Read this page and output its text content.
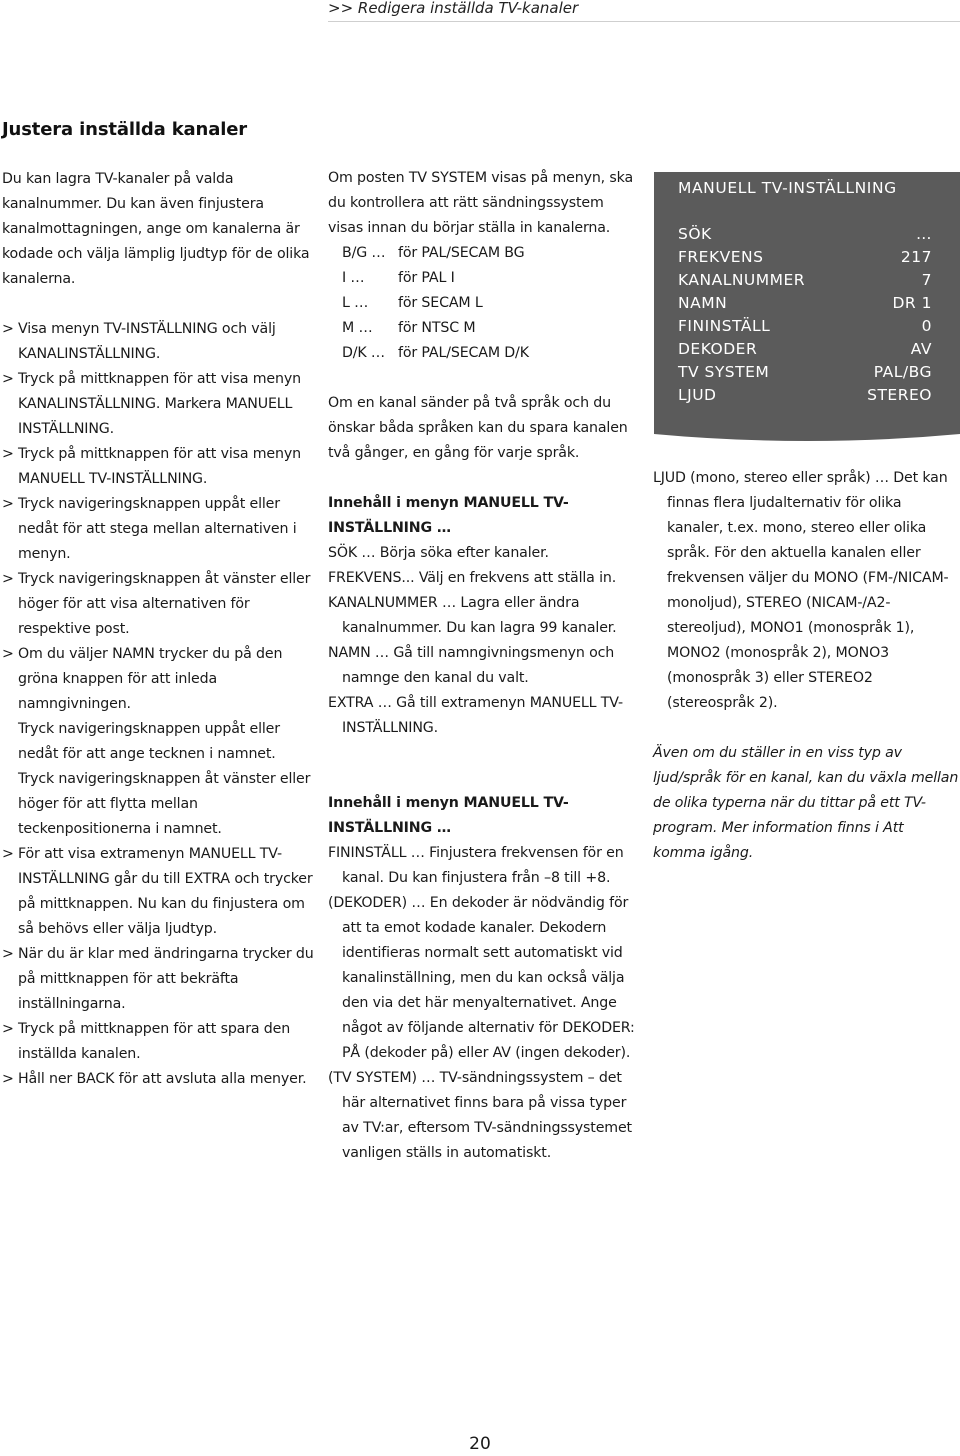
>> Redigera inställda TV-kanaler
Justera inställda kanaler
Du kan lagra TV-kanaler på valda kanalnummer. Du kan även finjustera kanalmottagningen, ange om kanalerna är kodade och välja lämplig ljudtyp för de olika kanalerna.
> Visa menyn TV-INSTÄLLNING och välj KANALINSTÄLLNING.
> Tryck på mittknappen för att visa menyn KANALINSTÄLLNING. Markera MANUELL INSTÄLLNING.
> Tryck på mittknappen för att visa menyn MANUELL TV-INSTÄLLNING.
> Tryck navigeringsknappen uppåt eller nedåt för att stega mellan alternativen i menyn.
> Tryck navigeringsknappen åt vänster eller höger för att visa alternativen för respektive post.
> Om du väljer NAMN trycker du på den gröna knappen för att inleda namngivningen.
Tryck navigeringsknappen uppåt eller nedåt för att ange tecknen i namnet.
Tryck navigeringsknappen åt vänster eller höger för att flytta mellan teckenpositionerna i namnet.
> För att visa extramenyn MANUELL TV-INSTÄLLNING går du till EXTRA och trycker på mittknappen. Nu kan du finjustera om så behövs eller välja ljudtyp.
> När du är klar med ändringarna trycker du på mittknappen för att bekräfta inställningarna.
> Tryck på mittknappen för att spara den inställda kanalen.
> Håll ner BACK för att avsluta alla menyer.
Om posten TV SYSTEM visas på menyn, ska du kontrollera att rätt sändningssystem visas innan du börjar ställa in kanalerna.
B/G … för PAL/SECAM BG
I …	för PAL I
L …	för SECAM L
M …	för NTSC M
D/K … för PAL/SECAM D/K
Om en kanal sänder på två språk och du önskar båda språken kan du spara kanalen två gånger, en gång för varje språk.
Innehåll i menyn MANUELL TV-INSTÄLLNING …
SÖK … Börja söka efter kanaler.
FREKVENS... Välj en frekvens att ställa in.
KANALNUMMER … Lagra eller ändra kanalnummer. Du kan lagra 99 kanaler.
NAMN … Gå till namngivningsmenyn och namnge den kanal du valt.
EXTRA … Gå till extramenyn MANUELL TV-INSTÄLLNING.
Innehåll i menyn MANUELL TV-INSTÄLLNING …
FININSTÄLL … Finjustera frekvensen för en kanal. Du kan finjustera från –8 till +8.
(DEKODER) … En dekoder är nödvändig för att ta emot kodade kanaler. Dekodern identifieras normalt sett automatiskt vid kanalinställning, men du kan också välja den via det här menyalternativet. Ange något av följande alternativ för DEKODER: PÅ (dekoder på) eller AV (ingen dekoder).
(TV SYSTEM) … TV-sändningssystem – det här alternativet finns bara på vissa typer av TV:ar, eftersom TV-sändningssystemet vanligen ställs in automatiskt.
MANUELL TV-INSTÄLLNING
SÖK	…
FREKVENS	217
KANALNUMMER	7
NAMN	DR 1
FININSTÄLL	0
DEKODER	AV
TV SYSTEM	PAL/BG
LJUD	STEREO
LJUD (mono, stereo eller språk) … Det kan finnas flera ljudalternativ för olika kanaler, t.ex. mono, stereo eller olika språk. För den aktuella kanalen eller frekvensen väljer du MONO (FM-/NICAM-monoljud), STEREO (NICAM-/A2-stereoljud), MONO1 (monospråk 1), MONO2 (monospråk 2), MONO3 (monospråk 3) eller STEREO2 (stereospråk 2).
Även om du ställer in en viss typ av ljud/språk för en kanal, kan du växla mellan de olika typerna när du tittar på ett TV-program. Mer information finns i Att komma igång.
20
